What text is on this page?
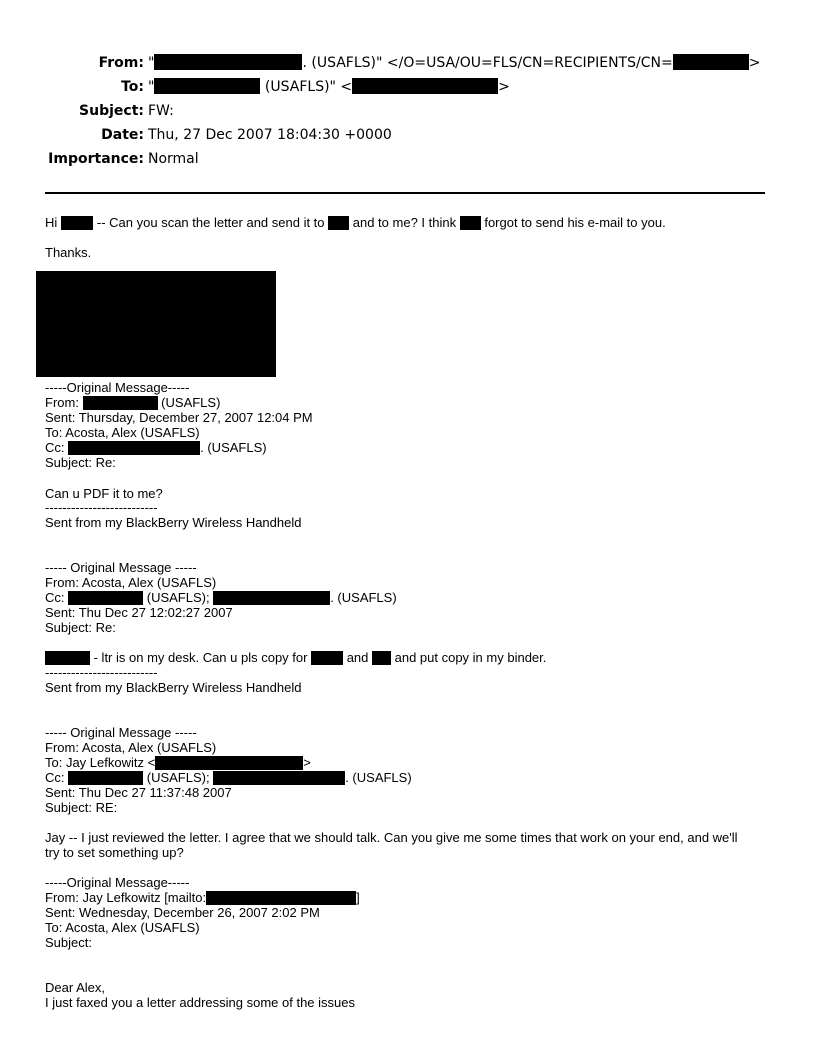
From: "	. (USAFLS)" </O=USA/OU=FLS/CN=RECIPIENTS/CN=	>
To: "	(USAFLS)" <	>
Subject: FW:
Date: Thu, 27 Dec 2007 18:04:30 +0000
Importance: Normal
Hi	-- Can you scan the letter and send it to  and to me? I think  forgot to send his e-mail to you.
Thanks.
-----Original Message-----
From:	(USAFLS)
Sent: Thursday, December 27, 2007 12:04 PM
To: Acosta, Alex (USAFLS)
Cc:	. (USAFLS)
Subject: Re:
Can u PDF it to me?
--------------------------
Sent from my BlackBerry Wireless Handheld
----- Original Message -----
From: Acosta, Alex (USAFLS)
Cc:	(USAFLS);	. (USAFLS)
Sent: Thu Dec 27 12:02:27 2007
Subject: Re:
- ltr is on my desk. Can u pls copy for  and  and put copy in my binder.
--------------------------
Sent from my BlackBerry Wireless Handheld
----- Original Message -----
From: Acosta, Alex (USAFLS)
To: Jay Lefkowitz <	>
Cc:	(USAFLS);	. (USAFLS)
Sent: Thu Dec 27 11:37:48 2007
Subject: RE:
Jay -- I just reviewed the letter. I agree that we should talk. Can you give me some times that work on your end, and we'll
try to set something up?
-----Original Message-----
From: Jay Lefkowitz [mailto:	]
Sent: Wednesday, December 26, 2007 2:02 PM
To: Acosta, Alex (USAFLS)
Subject:
Dear Alex,
I just faxed you a letter addressing some of the issues
